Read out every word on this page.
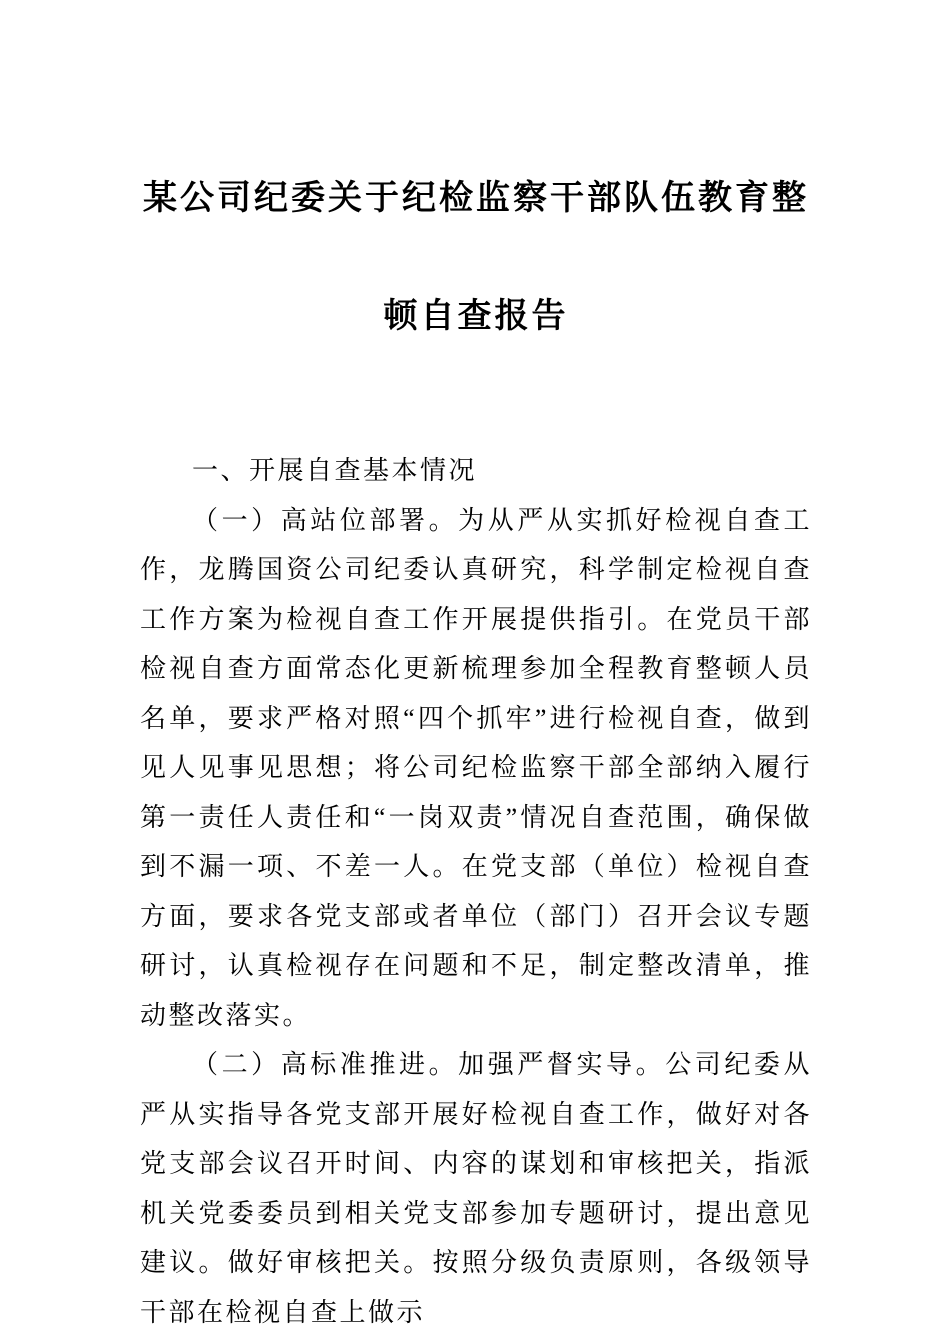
某公司纪委关于纪检监察干部队伍教育整
顿自查报告

一、开展自查基本情况

（一）高站位部署。为从严从实抓好检视自查工作，龙腾国资公司纪委认真研究，科学制定检视自查工作方案为检视自查工作开展提供指引。在党员干部检视自查方面常态化更新梳理参加全程教育整顿人员名单，要求严格对照“四个抓牢”进行检视自查，做到见人见事见思想；将公司纪检监察干部全部纳入履行第一责任人责任和“一岗双责”情况自查范围，确保做到不漏一项、不差一人。在党支部（单位）检视自查方面，要求各党支部或者单位（部门）召开会议专题研讨，认真检视存在问题和不足，制定整改清单，推动整改落实。

（二）高标准推进。加强严督实导。公司纪委从严从实指导各党支部开展好检视自查工作，做好对各党支部会议召开时间、内容的谋划和审核把关，指派机关党委委员到相关党支部参加专题研讨，提出意见建议。做好审核把关。按照分级负责原则，各级领导干部在检视自查上做示
